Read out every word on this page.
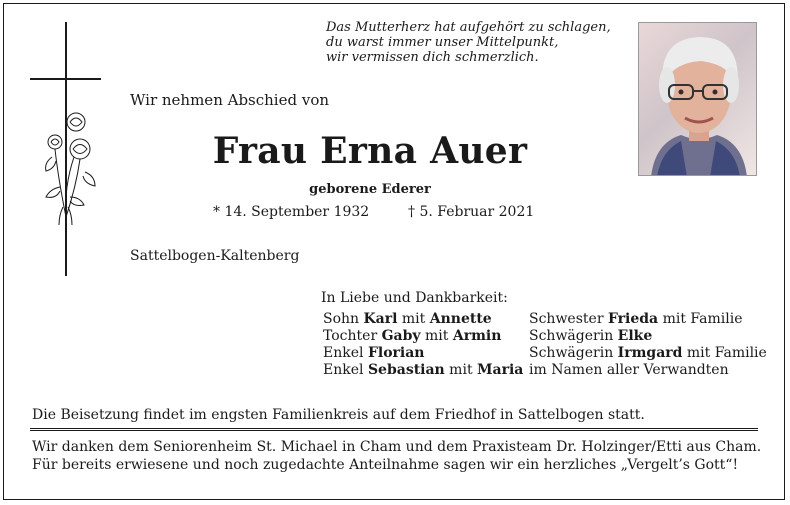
Das Mutterherz hat aufgehört zu schlagen,
du warst immer unser Mittelpunkt,
wir vermissen dich schmerzlich.
Wir nehmen Abschied von
Frau Erna Auer
geborene Ederer
* 14. September 1932	† 5. Februar 2021
Sattelbogen-Kaltenberg
In Liebe und Dankbarkeit:
Sohn Karl mit Annette
Tochter Gaby mit Armin
Enkel Florian
Enkel Sebastian mit Maria
Schwester Frieda mit Familie
Schwägerin Elke
Schwägerin Irmgard mit Familie
im Namen aller Verwandten
Die Beisetzung findet im engsten Familienkreis auf dem Friedhof in Sattelbogen statt.
Wir danken dem Seniorenheim St. Michael in Cham und dem Praxisteam Dr. Holzinger/Etti aus Cham.
Für bereits erwiesene und noch zugedachte Anteilnahme sagen wir ein herzliches „Vergelt’s Gott“!
